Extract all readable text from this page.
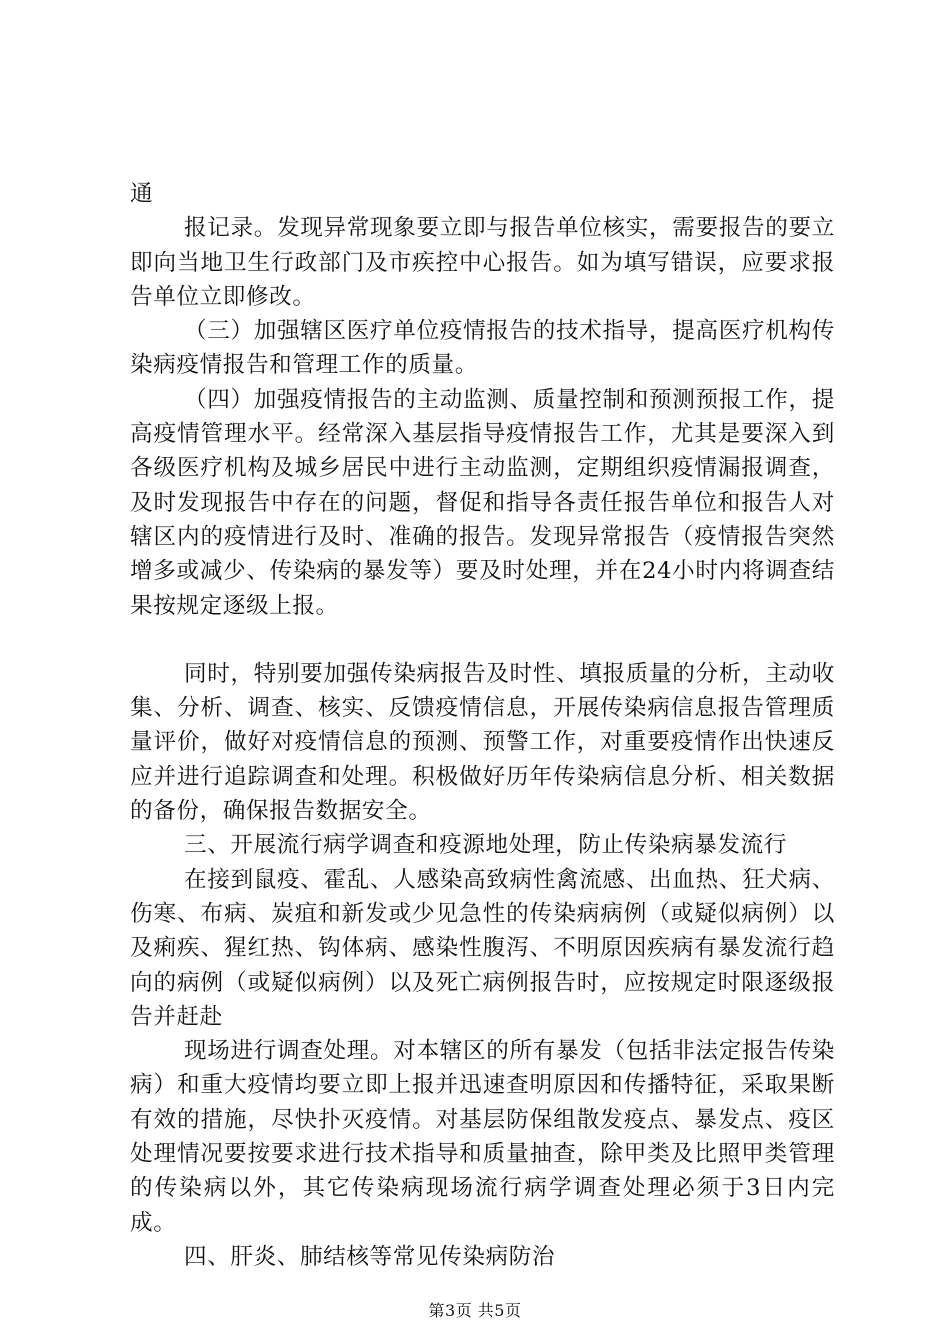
通

报记录。发现异常现象要立即与报告单位核实，需要报告的要立即向当地卫生行政部门及市疾控中心报告。如为填写错误，应要求报告单位立即修改。

（三）加强辖区医疗单位疫情报告的技术指导，提高医疗机构传染病疫情报告和管理工作的质量。

（四）加强疫情报告的主动监测、质量控制和预测预报工作，提高疫情管理水平。经常深入基层指导疫情报告工作，尤其是要深入到各级医疗机构及城乡居民中进行主动监测，定期组织疫情漏报调查，及时发现报告中存在的问题，督促和指导各责任报告单位和报告人对辖区内的疫情进行及时、准确的报告。发现异常报告（疫情报告突然增多或减少、传染病的暴发等）要及时处理，并在24小时内将调查结果按规定逐级上报。

同时，特别要加强传染病报告及时性、填报质量的分析，主动收集、分析、调查、核实、反馈疫情信息，开展传染病信息报告管理质量评价，做好对疫情信息的预测、预警工作，对重要疫情作出快速反应并进行追踪调查和处理。积极做好历年传染病信息分析、相关数据的备份，确保报告数据安全。

三、开展流行病学调查和疫源地处理，防止传染病暴发流行

在接到鼠疫、霍乱、人感染高致病性禽流感、出血热、狂犬病、伤寒、布病、炭疽和新发或少见急性的传染病病例（或疑似病例）以及痢疾、猩红热、钩体病、感染性腹泻、不明原因疾病有暴发流行趋向的病例（或疑似病例）以及死亡病例报告时，应按规定时限逐级报告并赶赴

现场进行调查处理。对本辖区的所有暴发（包括非法定报告传染病）和重大疫情均要立即上报并迅速查明原因和传播特征，采取果断有效的措施，尽快扑灭疫情。对基层防保组散发疫点、暴发点、疫区处理情况要按要求进行技术指导和质量抽查，除甲类及比照甲类管理的传染病以外，其它传染病现场流行病学调查处理必须于3日内完成。

四、肝炎、肺结核等常见传染病防治

第3页 共5页
